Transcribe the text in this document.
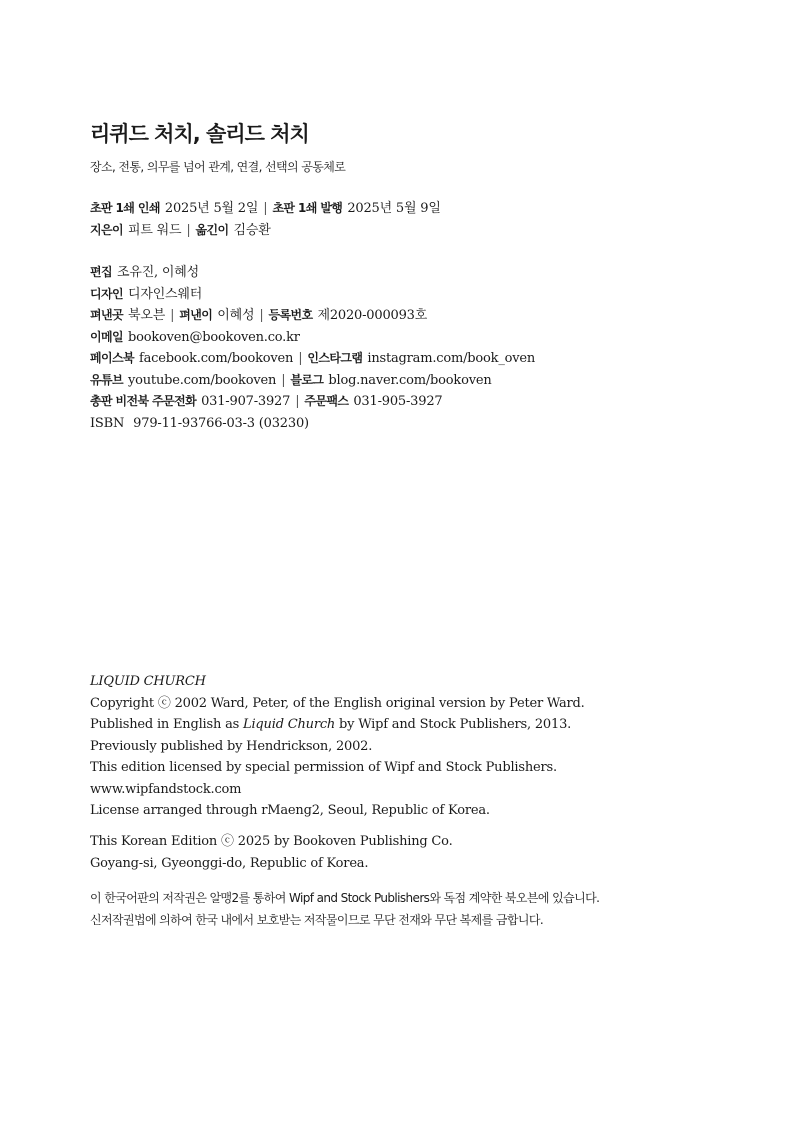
리퀴드 처치, 솔리드 처치

장소, 전통, 의무를 넘어 관계, 연결, 선택의 공동체로

초판 1쇄 인쇄 2025년 5월 2일 | 초판 1쇄 발행 2025년 5월 9일
지은이 피트 워드 | 옮긴이 김승환
편집 조유진, 이혜성
디자인 디자인스웨터
펴낸곳 북오븐 | 펴낸이 이혜성 | 등록번호 제2020-000093호
이메일 bookoven@bookoven.co.kr
페이스북 facebook.com/bookoven | 인스타그램 instagram.com/book_oven
유튜브 youtube.com/bookoven | 블로그 blog.naver.com/bookoven
총판 비전북 주문전화 031-907-3927 | 주문팩스 031-905-3927
ISBN 979-11-93766-03-3 (03230)
LIQUID CHURCH
Copyright ⓒ 2002 Ward, Peter, of the English original version by Peter Ward.
Published in English as Liquid Church by Wipf and Stock Publishers, 2013.
Previously published by Hendrickson, 2002.
This edition licensed by special permission of Wipf and Stock Publishers.
www.wipfandstock.com
License arranged through rMaeng2, Seoul, Republic of Korea.
This Korean Edition ⓒ 2025 by Bookoven Publishing Co.
Goyang-si, Gyeonggi-do, Republic of Korea.
이 한국어판의 저작권은 알맹2를 통하여 Wipf and Stock Publishers와 독점 계약한 북오븐에 있습니다.
신저작권법에 의하여 한국 내에서 보호받는 저작물이므로 무단 전재와 무단 복제를 금합니다.
